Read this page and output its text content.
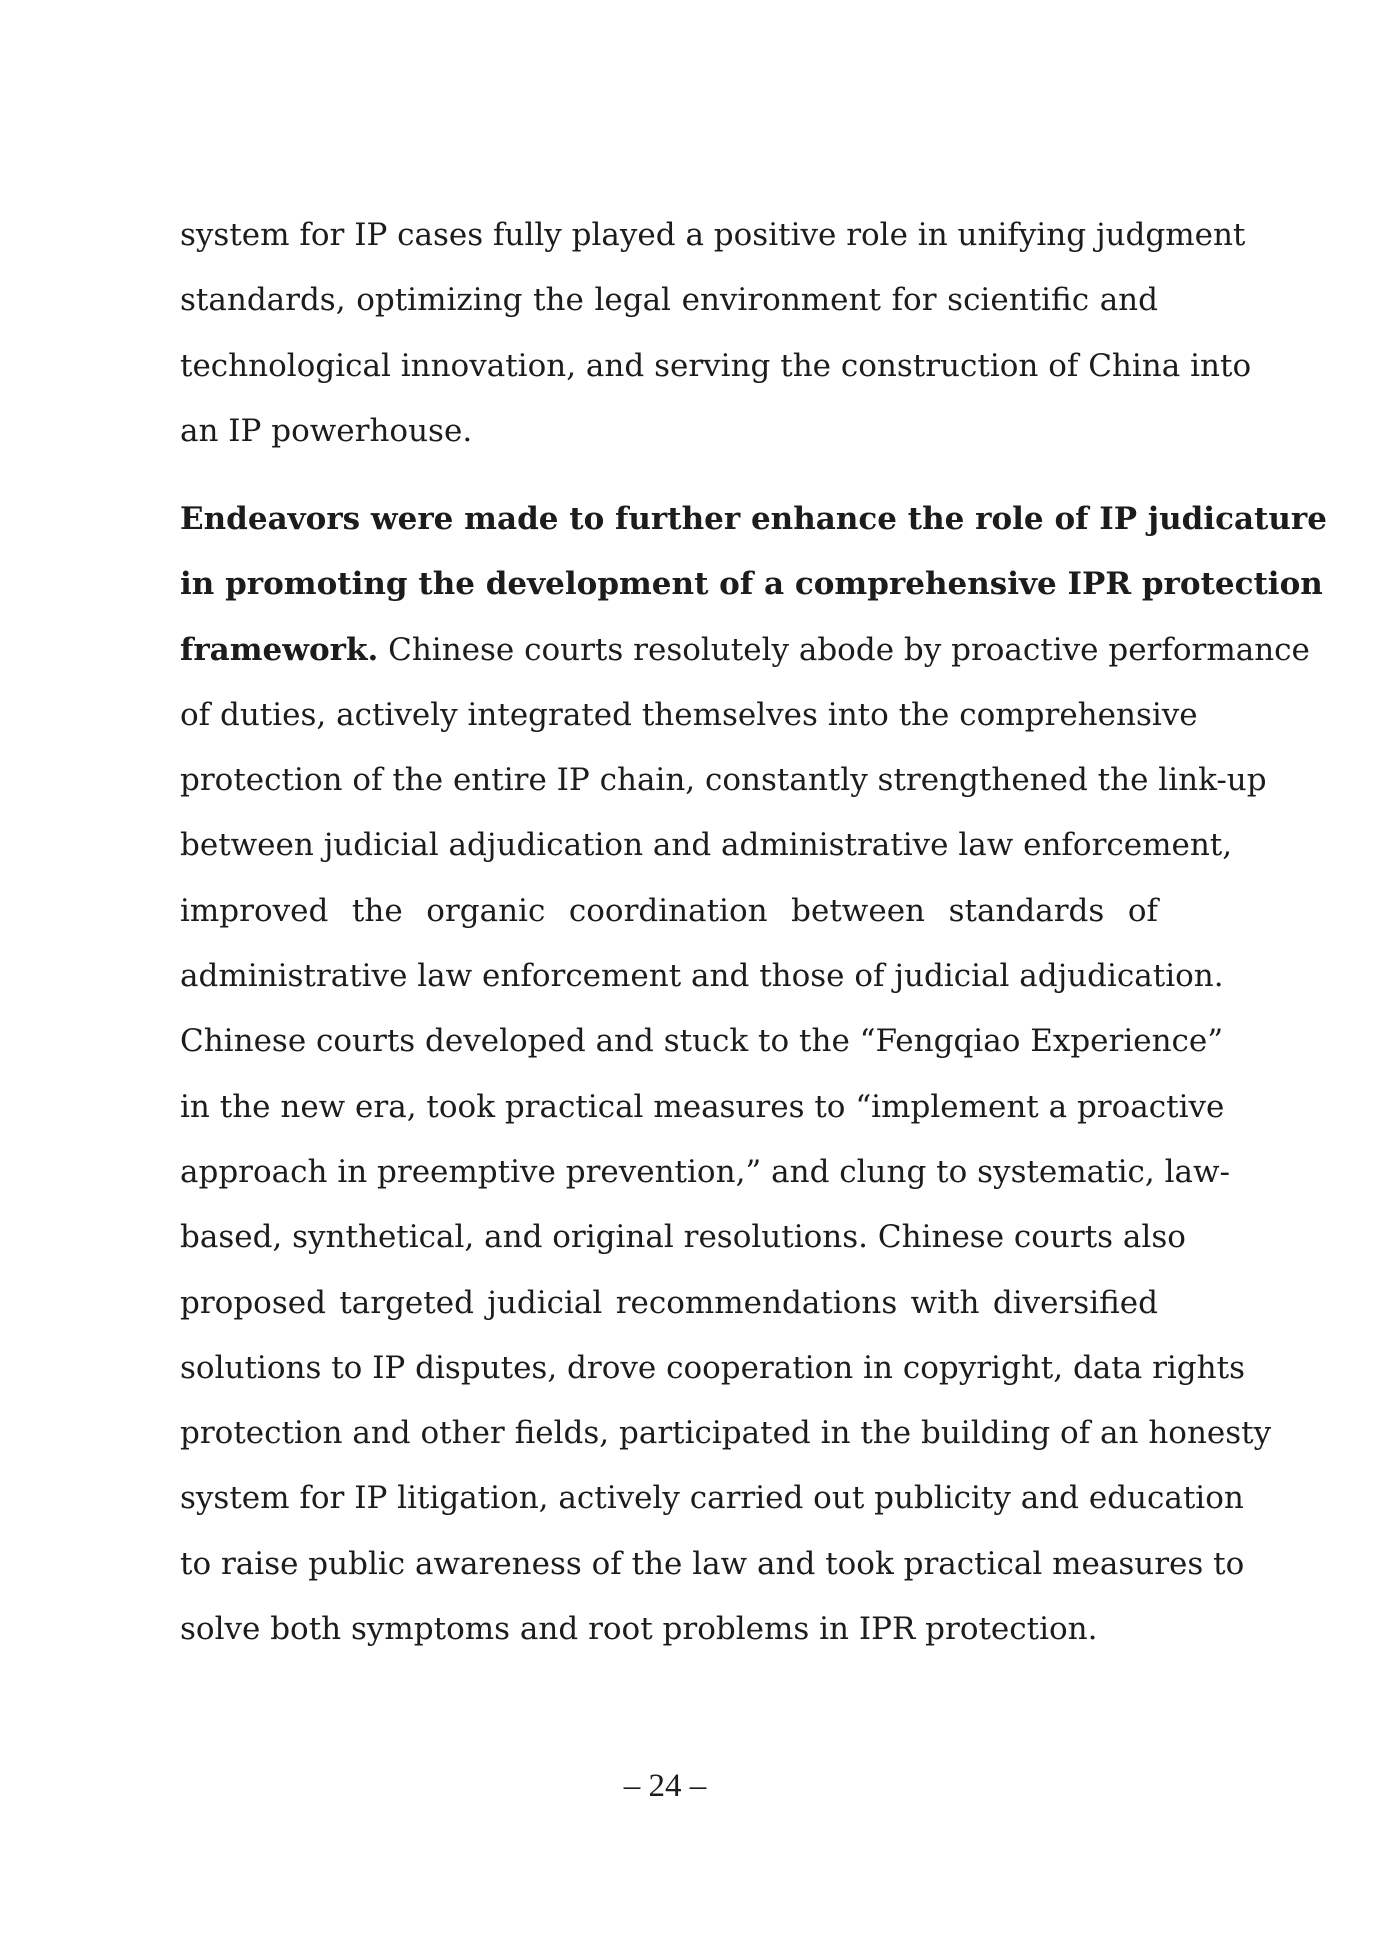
system for IP cases fully played a positive role in unifying judgment
standards, optimizing the legal environment for scientific and
technological innovation, and serving the construction of China into
an IP powerhouse.
Endeavors were made to further enhance the role of IP judicature
in promoting the development of a comprehensive IPR protection
framework. Chinese courts resolutely abode by proactive performance
of duties, actively integrated themselves into the comprehensive
protection of the entire IP chain, constantly strengthened the link-up
between judicial adjudication and administrative law enforcement,
improved the organic coordination between standards of
administrative law enforcement and those of judicial adjudication.
Chinese courts developed and stuck to the “Fengqiao Experience”
in the new era, took practical measures to “implement a proactive
approach in preemptive prevention,” and clung to systematic, law-
based, synthetical, and original resolutions. Chinese courts also
proposed targeted judicial recommendations with diversified
solutions to IP disputes, drove cooperation in copyright, data rights
protection and other fields, participated in the building of an honesty
system for IP litigation, actively carried out publicity and education
to raise public awareness of the law and took practical measures to
solve both symptoms and root problems in IPR protection.
– 24 –
